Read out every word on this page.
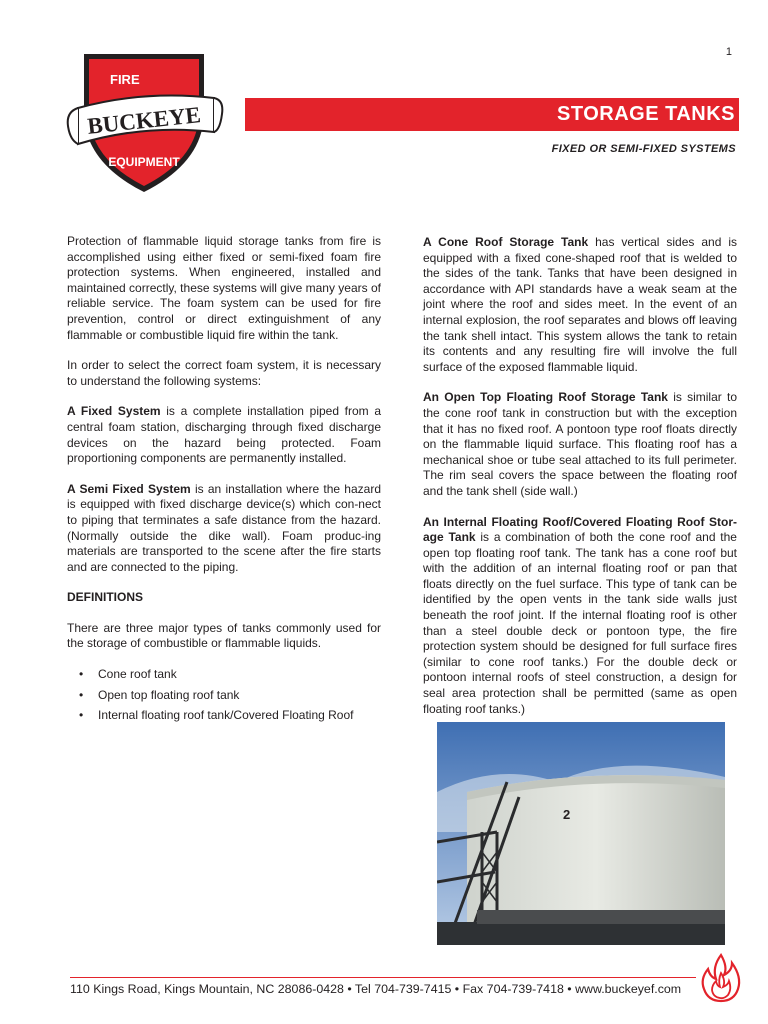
1
FIRE
BUCKEYE
EQUIPMENT
STORAGE TANKS
FIXED OR SEMI-FIXED SYSTEMS

Protection of flammable liquid storage tanks from fire is accomplished using either fixed or semi-fixed foam fire protection systems. When engineered, installed and maintained correctly, these systems will give many years of reliable service. The foam system can be used for fire prevention, control or direct extinguishment of any flammable or combustible liquid fire within the tank.

In order to select the correct foam system, it is necessary to understand the following systems:

A Fixed System is a complete installation piped from a central foam station, discharging through fixed discharge devices on the hazard being protected. Foam proportioning components are permanently installed.

A Semi Fixed System is an installation where the hazard is equipped with fixed discharge device(s) which con-nect to piping that terminates a safe distance from the hazard. (Normally outside the dike wall). Foam produc-ing materials are transported to the scene after the fire starts and are connected to the piping.

DEFINITIONS

There are three major types of tanks commonly used for the storage of combustible or flammable liquids.

• Cone roof tank
• Open top floating roof tank
• Internal floating roof tank/Covered Floating Roof

A Cone Roof Storage Tank has vertical sides and is equipped with a fixed cone-shaped roof that is welded to the sides of the tank. Tanks that have been designed in accordance with API standards have a weak seam at the joint where the roof and sides meet. In the event of an internal explosion, the roof separates and blows off leaving the tank shell intact. This system allows the tank to retain its contents and any resulting fire will involve the full surface of the exposed flammable liquid.

An Open Top Floating Roof Storage Tank is similar to the cone roof tank in construction but with the exception that it has no fixed roof. A pontoon type roof floats directly on the flammable liquid surface. This floating roof has a mechanical shoe or tube seal attached to its full perimeter. The rim seal covers the space between the floating roof and the tank shell (side wall.)

An Internal Floating Roof/Covered Floating Roof Stor-age Tank is a combination of both the cone roof and the open top floating roof tank. The tank has a cone roof but with the addition of an internal floating roof or pan that floats directly on the fuel surface. This type of tank can be identified by the open vents in the tank side walls just beneath the roof joint. If the internal floating roof is other than a steel double deck or pontoon type, the fire protection system should be designed for full surface fires (similar to cone roof tanks.) For the double deck or pontoon internal roofs of steel construction, a design for seal area protection shall be permitted (same as open floating roof tanks.)

2
110 Kings Road, Kings Mountain, NC 28086-0428 • Tel 704-739-7415 • Fax 704-739-7418 • www.buckeyef.com
